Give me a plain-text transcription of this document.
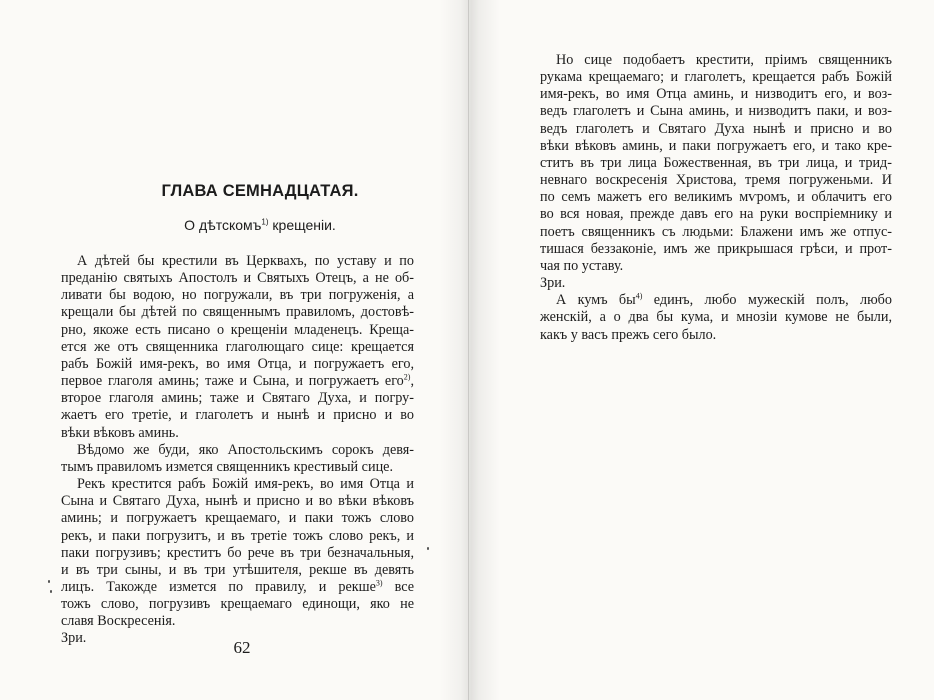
ГЛАВА СЕМНАДЦАТАЯ.
О дѣтскомъ$^{1)}$ крещеніи.
А дѣтей бы крестили въ Церквахъ, по уставу и по
преданію святыхъ Апостолъ и Святыхъ Отецъ, а не об-
ливати бы водою, но погружали, въ три погруженія, а
крещали бы дѣтей по священнымъ правиломъ, достовѣ-
рно, якоже есть писано о крещеніи младенецъ. Крещa-
ется же отъ священника глаголющаго сице: крещается
рабъ Божій имя-рекъ, во имя Отца, и погружаетъ его,
первое глаголя аминь; таже и Сына, и погружаетъ его$^{2)}$,
второе глаголя аминь; таже и Святаго Духа, и погру-
жаетъ его третіе, и глаголетъ и нынѣ и присно и во
вѣки вѣковъ аминь.
Вѣдомо же буди, яко Апостольскимъ сорокъ девя-
тымъ правиломъ изметcя священникъ крестивый сице.
Рекъ крестится рабъ Божій имя-рекъ, во имя Отца и
Сына и Святаго Духа, нынѣ и присно и во вѣки вѣковъ
аминь; и погружаетъ крещаемаго, и паки тожъ слово
рекъ, и паки погрузитъ, и въ третіе тожъ слово рекъ, и
паки погрузивъ; креститъ бо рече въ три безначальныя,
и въ три сыны, и въ три утѣшителя, рекше въ девять
лицъ. Такожде изметcя по правилу, и рекше$^{3)}$ все
тожъ слово, погрузивъ крещаемаго единощи, яко не
славя Воскресенія.
Зри.	62
Но сице подобаетъ крестити, пріимъ священникъ
рукама крещаемаго; и глаголетъ, крещается рабъ Божій
имя-рекъ, во имя Отца аминь, и низводитъ его, и воз-
ведъ глаголетъ и Сына аминь, и низводитъ паки, и воз-
ведъ глаголетъ и Святаго Духа нынѣ и присно и во
вѣки вѣковъ аминь, и паки погружаетъ его, и тако кре-
ститъ въ три лица Божественная, въ три лица, и трид-
невнаго воскресенія Христова, тремя погруженьми. И
по семъ мажетъ его великимъ мѵромъ, и облачитъ его
во вся новая, прежде давъ его на руки воспріемнику и
поетъ священникъ съ людьми: Блажени имъ же отпус-
тишася беззаконіе, имъ же прикрышася грѣси, и прот-
чая по уставу.
Зри.
А кумъ $бы^{4)}$ единъ, любо мужескій полъ, любо
женскій, а о два бы кума, и мнозіи кумове не были,
какъ у васъ прежъ сего было.
